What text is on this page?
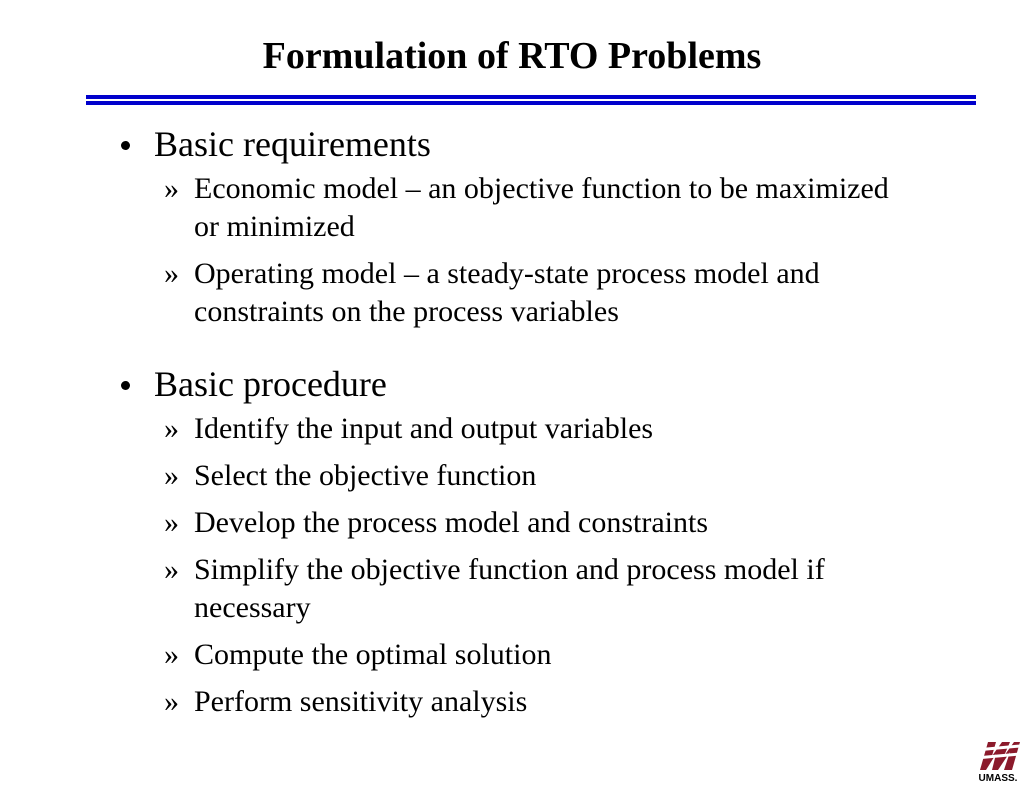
Formulation of RTO Problems
Basic requirements
» Economic model – an objective function to be maximized or minimized
» Operating model – a steady-state process model and constraints on the process variables
Basic procedure
» Identify the input and output variables
» Select the objective function
» Develop the process model and constraints
» Simplify the objective function and process model if necessary
» Compute the optimal solution
» Perform sensitivity analysis
UMASS.
